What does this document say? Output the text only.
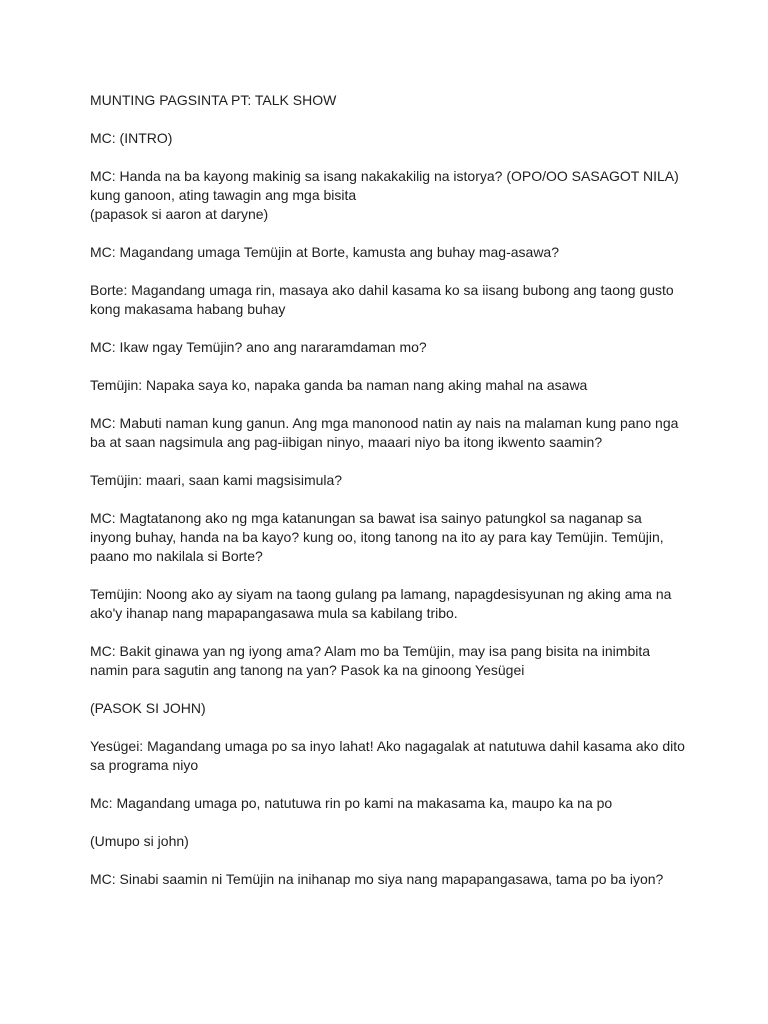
MUNTING PAGSINTA PT: TALK SHOW

MC: (INTRO)

MC: Handa na ba kayong makinig sa isang nakakakilig na istorya? (OPO/OO SASAGOT NILA)
kung ganoon, ating tawagin ang mga bisita
(papasok si aaron at daryne)

MC: Magandang umaga Temüjin at Borte, kamusta ang buhay mag-asawa?

Borte: Magandang umaga rin, masaya ako dahil kasama ko sa iisang bubong ang taong gusto
kong makasama habang buhay

MC: Ikaw ngay Temüjin? ano ang nararamdaman mo?

Temüjin: Napaka saya ko, napaka ganda ba naman nang aking mahal na asawa

MC: Mabuti naman kung ganun. Ang mga manonood natin ay nais na malaman kung pano nga
ba at saan nagsimula ang pag-iibigan ninyo, maaari niyo ba itong ikwento saamin?

Temüjin: maari, saan kami magsisimula?

MC: Magtatanong ako ng mga katanungan sa bawat isa sainyo patungkol sa naganap sa
inyong buhay, handa na ba kayo? kung oo, itong tanong na ito ay para kay Temüjin. Temüjin,
paano mo nakilala si Borte?

Temüjin: Noong ako ay siyam na taong gulang pa lamang, napagdesisyunan ng aking ama na
ako'y ihanap nang mapapangasawa mula sa kabilang tribo.

MC: Bakit ginawa yan ng iyong ama? Alam mo ba Temüjin, may isa pang bisita na inimbita
namin para sagutin ang tanong na yan? Pasok ka na ginoong Yesügei

(PASOK SI JOHN)

Yesügei: Magandang umaga po sa inyo lahat! Ako nagagalak at natutuwa dahil kasama ako dito
sa programa niyo

Mc: Magandang umaga po, natutuwa rin po kami na makasama ka, maupo ka na po

(Umupo si john)

MC: Sinabi saamin ni Temüjin na inihanap mo siya nang mapapangasawa, tama po ba iyon?
